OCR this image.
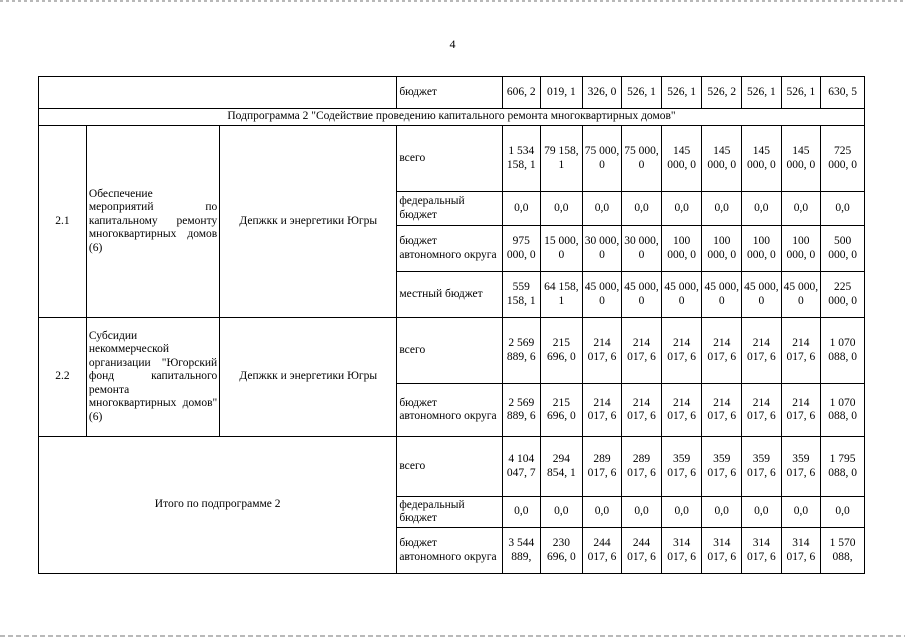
4
			бюджет	606, 2	019, 1	326, 0	526, 1	526, 1	526, 2	526, 1	526, 1	630, 5
Подпрограмма 2 "Содействие проведению капитального ремонта многоквартирных домов"												
2.1	Обеспечение мероприятий по капитальному ремонту многоквартирных домов (6)	Депжкк и энергетики Югры	всего	1 534 158, 1	79 158, 1	75 000, 0	75 000, 0	145 000, 0	145 000, 0	145 000, 0	145 000, 0	725 000, 0
			федеральный бюджет	0,0	0,0	0,0	0,0	0,0	0,0	0,0	0,0	0,0
			бюджет автономного округа	975 000, 0	15 000, 0	30 000, 0	30 000, 0	100 000, 0	100 000, 0	100 000, 0	100 000, 0	500 000, 0
			местный бюджет	559 158, 1	64 158, 1	45 000, 0	45 000, 0	45 000, 0	45 000, 0	45 000, 0	45 000, 0	225 000, 0
2.2	Субсидии некоммерческой организации "Югорский фонд капитального ремонта многоквартирных домов" (6)	Депжкк и энергетики Югры	всего	2 569 889, 6	215 696, 0	214 017, 6	214 017, 6	214 017, 6	214 017, 6	214 017, 6	214 017, 6	1 070 088, 0
			бюджет автономного округа	2 569 889, 6	215 696, 0	214 017, 6	214 017, 6	214 017, 6	214 017, 6	214 017, 6	214 017, 6	1 070 088, 0
Итого по подпрограмме 2			всего	4 104 047, 7	294 854, 1	289 017, 6	289 017, 6	359 017, 6	359 017, 6	359 017, 6	359 017, 6	1 795 088, 0
			федеральный бюджет	0,0	0,0	0,0	0,0	0,0	0,0	0,0	0,0	0,0
			бюджет автономного округа	3 544 889,	230 696, 0	244 017, 6	244 017, 6	314 017, 6	314 017, 6	314 017, 6	314 017, 6	1 570 088,
